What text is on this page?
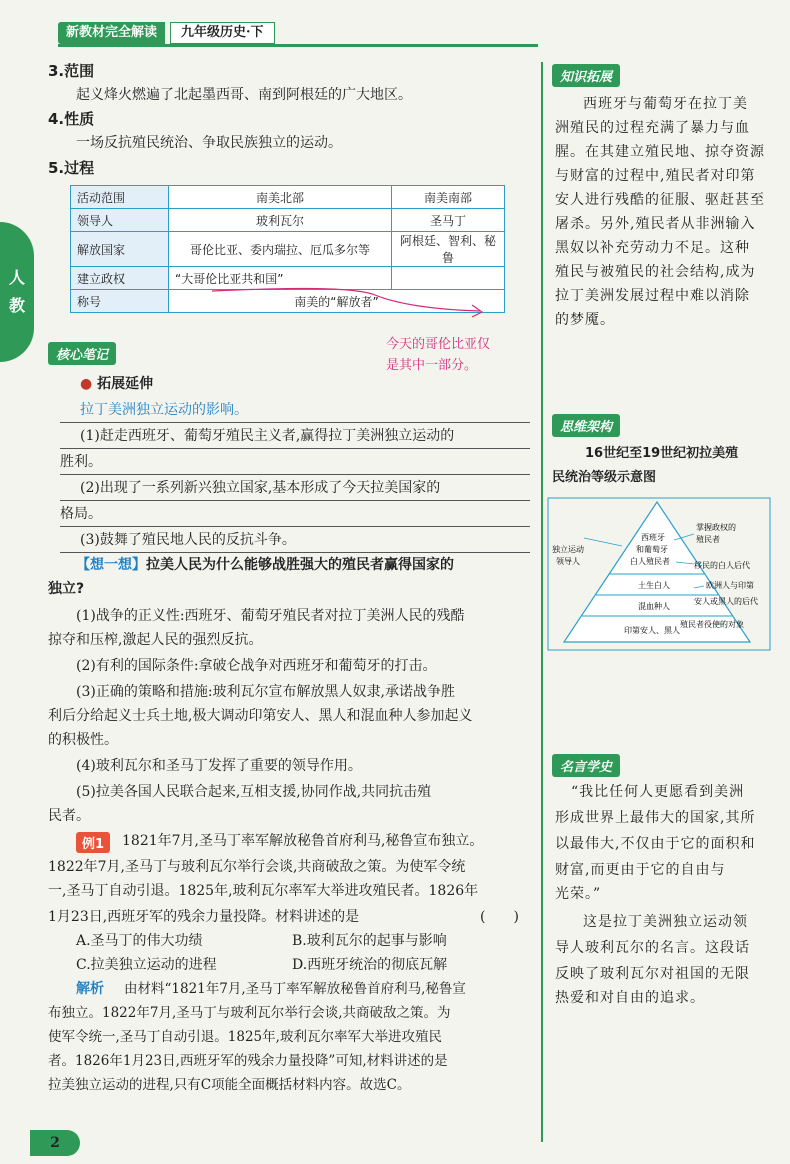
新教材完全解读	九年级历史·下
人
教
3.范围
起义烽火燃遍了北起墨西哥、南到阿根廷的广大地区。
4.性质
一场反抗殖民统治、争取民族独立的运动。
5.过程
活动范围	南美北部	南美南部
领导人	玻利瓦尔	圣马丁
解放国家	哥伦比亚、委内瑞拉、厄瓜多尔等	阿根廷、智利、秘鲁
建立政权	“大哥伦比亚共和国”	
称号	南美的“解放者”	
今天的哥伦比亚仅
是其中一部分。
核心笔记
● 拓展延伸
拉丁美洲独立运动的影响。
(1)赶走西班牙、葡萄牙殖民主义者,赢得拉丁美洲独立运动的
胜利。
(2)出现了一系列新兴独立国家,基本形成了今天拉美国家的
格局。
(3)鼓舞了殖民地人民的反抗斗争。
【想一想】拉美人民为什么能够战胜强大的殖民者赢得国家的
独立?
(1)战争的正义性:西班牙、葡萄牙殖民者对拉丁美洲人民的残酷
掠夺和压榨,激起人民的强烈反抗。
(2)有利的国际条件:拿破仑战争对西班牙和葡萄牙的打击。
(3)正确的策略和措施:玻利瓦尔宣布解放黑人奴隶,承诺战争胜
利后分给起义士兵土地,极大调动印第安人、黑人和混血种人参加起义
的积极性。
(4)玻利瓦尔和圣马丁发挥了重要的领导作用。
(5)拉美各国人民联合起来,互相支援,协同作战,共同抗击殖
民者。
例1	1821年7月,圣马丁率军解放秘鲁首府利马,秘鲁宣布独立。
1822年7月,圣马丁与玻利瓦尔举行会谈,共商破敌之策。为使军令统
一,圣马丁自动引退。1825年,玻利瓦尔率军大举进攻殖民者。1826年
1月23日,西班牙军的残余力量投降。材料讲述的是	(　　)
A.圣马丁的伟大功绩	B.玻利瓦尔的起事与影响
C.拉美独立运动的进程	D.西班牙统治的彻底瓦解
解析 由材料“1821年7月,圣马丁率军解放秘鲁首府利马,秘鲁宣
布独立。1822年7月,圣马丁与玻利瓦尔举行会谈,共商破敌之策。为
使军令统一,圣马丁自动引退。1825年,玻利瓦尔率军大举进攻殖民
者。1826年1月23日,西班牙军的残余力量投降”可知,材料讲述的是
拉美独立运动的进程,只有C项能全面概括材料内容。故选C。
知识拓展
西班牙与葡萄牙在拉丁美
洲殖民的过程充满了暴力与血
腥。在其建立殖民地、掠夺资源
与财富的过程中,殖民者对印第
安人进行残酷的征服、驱赶甚至
屠杀。另外,殖民者从非洲输入
黑奴以补充劳动力不足。这种
殖民与被殖民的社会结构,成为
拉丁美洲发展过程中难以消除
的梦魇。
思维架构
16世纪至19世纪初拉美殖
民统治等级示意图
独立运动
领导人
西班牙
和葡萄牙
白人殖民者
土生白人
混血种人
印第安人、黑人
掌握政权的
殖民者
移民的白人后代
欧洲人与印第
安人或黑人的后代
殖民者役使的对象
名言学史
“我比任何人更愿看到美洲
形成世界上最伟大的国家,其所
以最伟大,不仅由于它的面积和
财富,而更由于它的自由与
光荣。”
这是拉丁美洲独立运动领
导人玻利瓦尔的名言。这段话
反映了玻利瓦尔对祖国的无限
热爱和对自由的追求。
2
